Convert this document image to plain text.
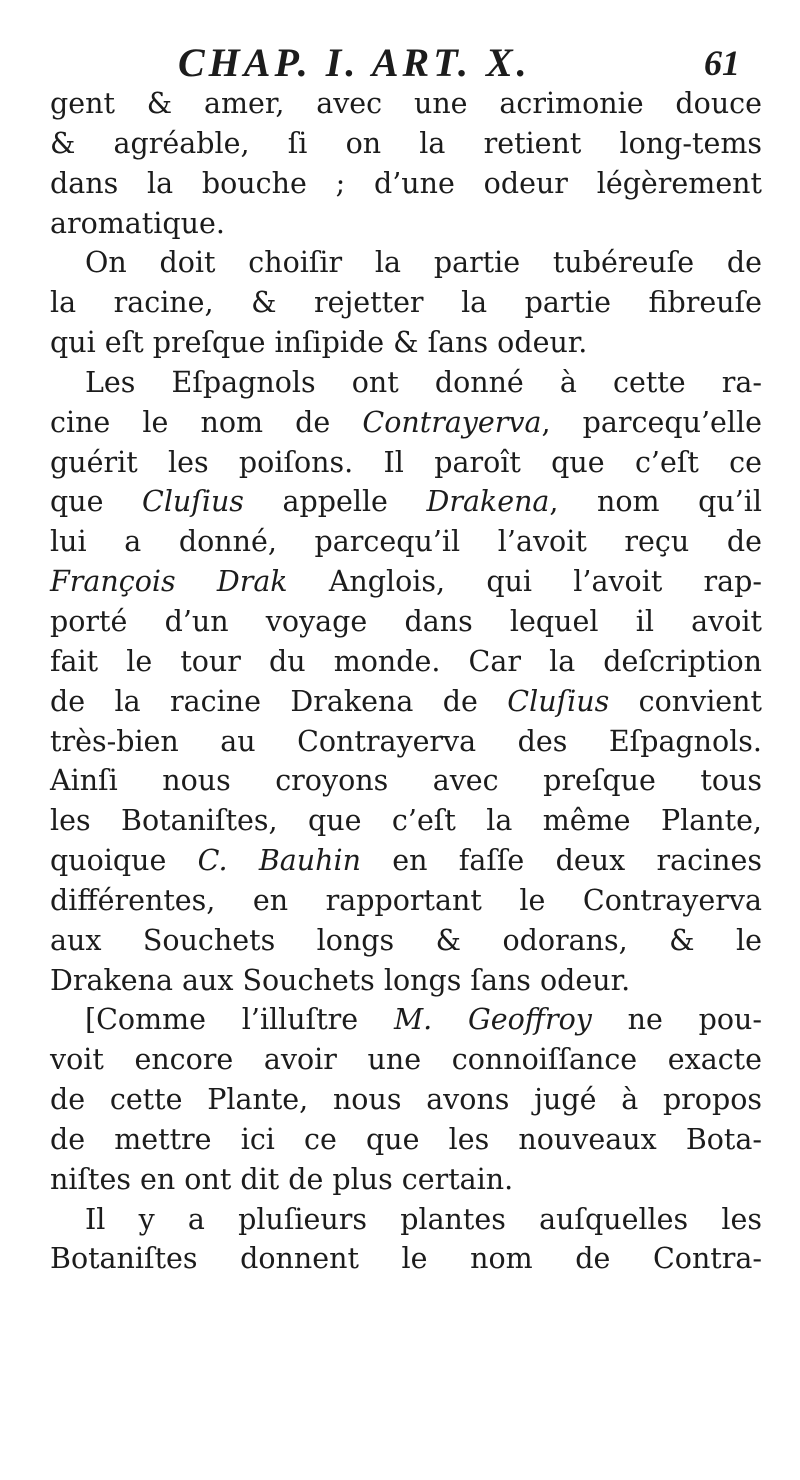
CHAP. I. ART. X.	61
gent & amer, avec une acrimonie douce
& agréable, ſi on la retient long-tems
dans la bouche ; d’une odeur légèrement
aromatique.
On doit choiſir la partie tubéreuſe de
la racine, & rejetter la partie fibreuſe
qui eſt preſque inſipide & ſans odeur.
Les Eſpagnols ont donné à cette ra-
cine le nom de Contrayerva, parcequ’elle
guérit les poiſons. Il paroît que c’eſt ce
que Cluſius appelle Drakena, nom qu’il
lui a donné, parcequ’il l’avoit reçu de
François Drak Anglois, qui l’avoit rap-
porté d’un voyage dans lequel il avoit
fait le tour du monde. Car la deſcription
de la racine Drakena de Cluſius convient
très-bien au Contrayerva des Eſpagnols.
Ainſi nous croyons avec preſque tous
les Botaniſtes, que c’eſt la même Plante,
quoique C. Bauhin en faſſe deux racines
différentes, en rapportant le Contrayerva
aux Souchets longs & odorans, & le
Drakena aux Souchets longs ſans odeur.
[Comme l’illuſtre M. Geoffroy ne pou-
voit encore avoir une connoiſſance exacte
de cette Plante, nous avons jugé à propos
de mettre ici ce que les nouveaux Bota-
niſtes en ont dit de plus certain.
Il y a pluſieurs plantes auſquelles les
Botaniſtes donnent le nom de Contra-
